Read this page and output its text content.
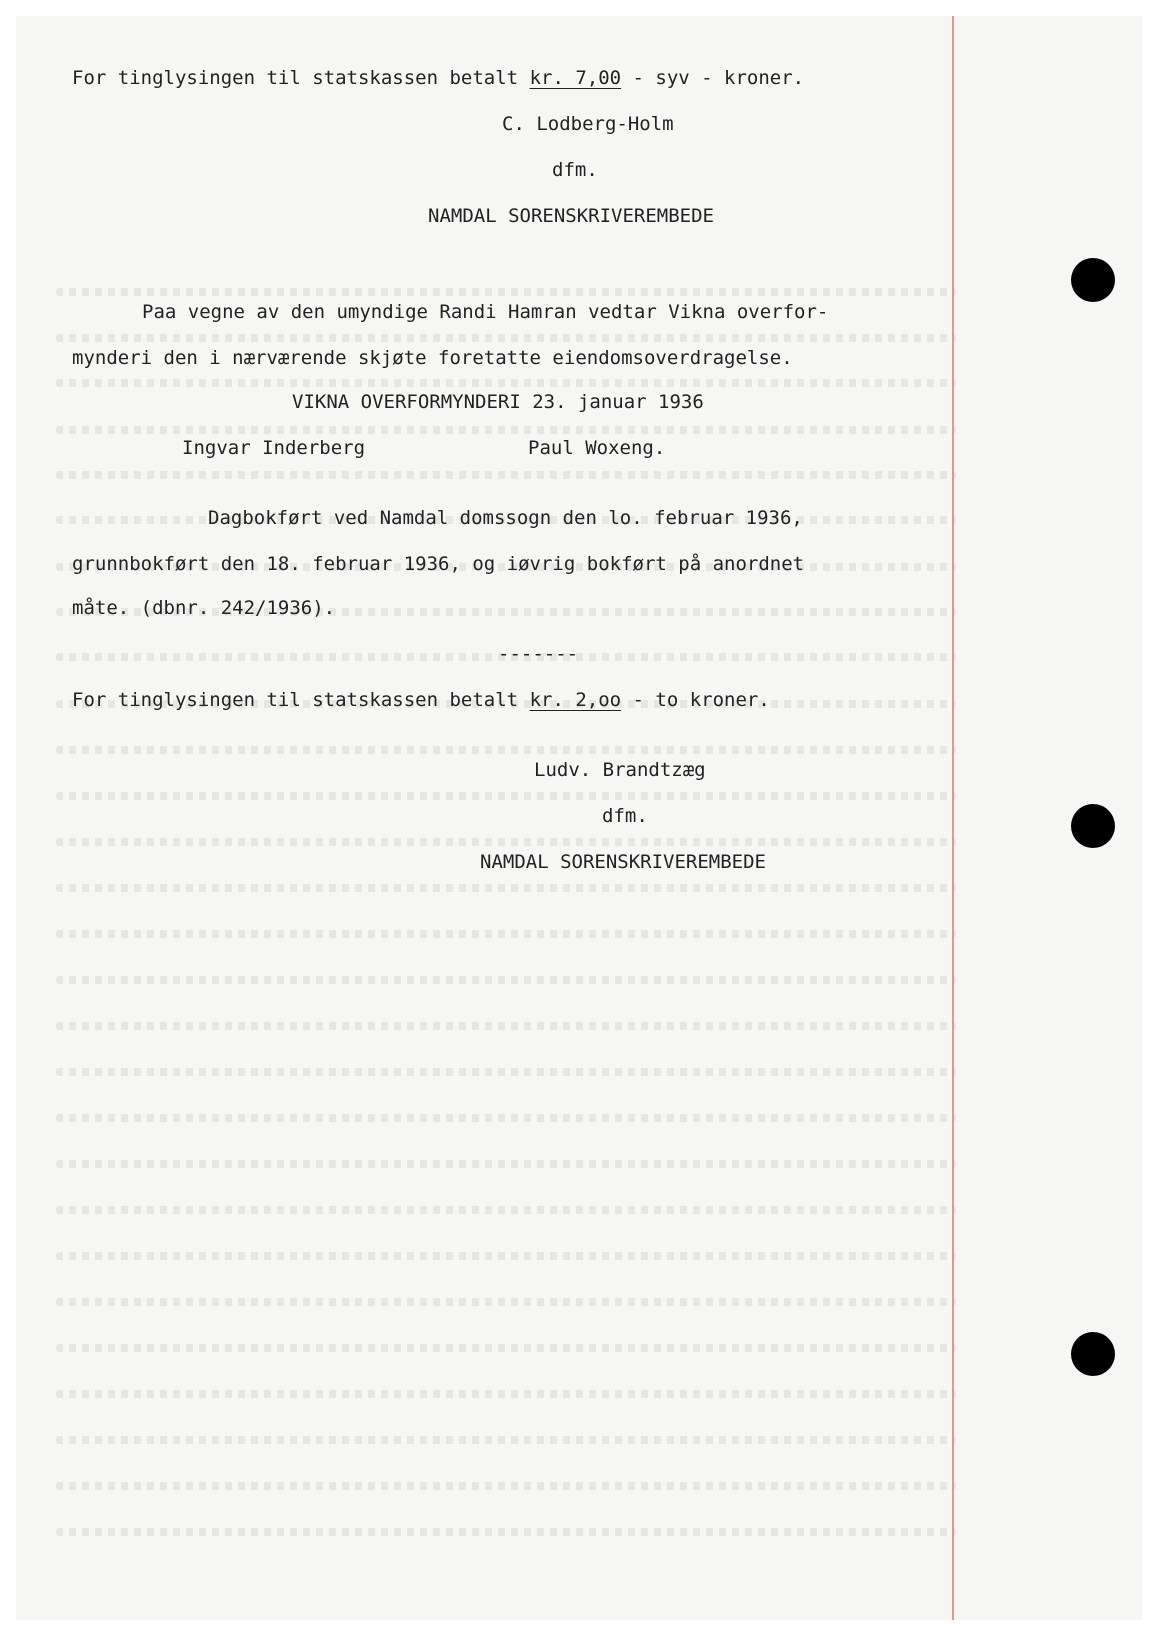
For tinglysingen til statskassen betalt kr. 7,00 - syv - kroner.
C. Lodberg-Holm
dfm.
NAMDAL SORENSKRIVEREMBEDE
Paa vegne av den umyndige Randi Hamran vedtar Vikna overfor-
mynderi den i nærværende skjøte foretatte eiendomsoverdragelse.
VIKNA OVERFORMYNDERI 23. januar 1936
Ingvar Inderberg	Paul Woxeng.
Dagbokført ved Namdal domssogn den lo. februar 1936,
grunnbokført den 18. februar 1936, og iøvrig bokført på anordnet
måte. (dbnr. 242/1936).
-------
For tinglysingen til statskassen betalt kr. 2,oo - to kroner.
Ludv. Brandtzæg
dfm.
NAMDAL SORENSKRIVEREMBEDE
